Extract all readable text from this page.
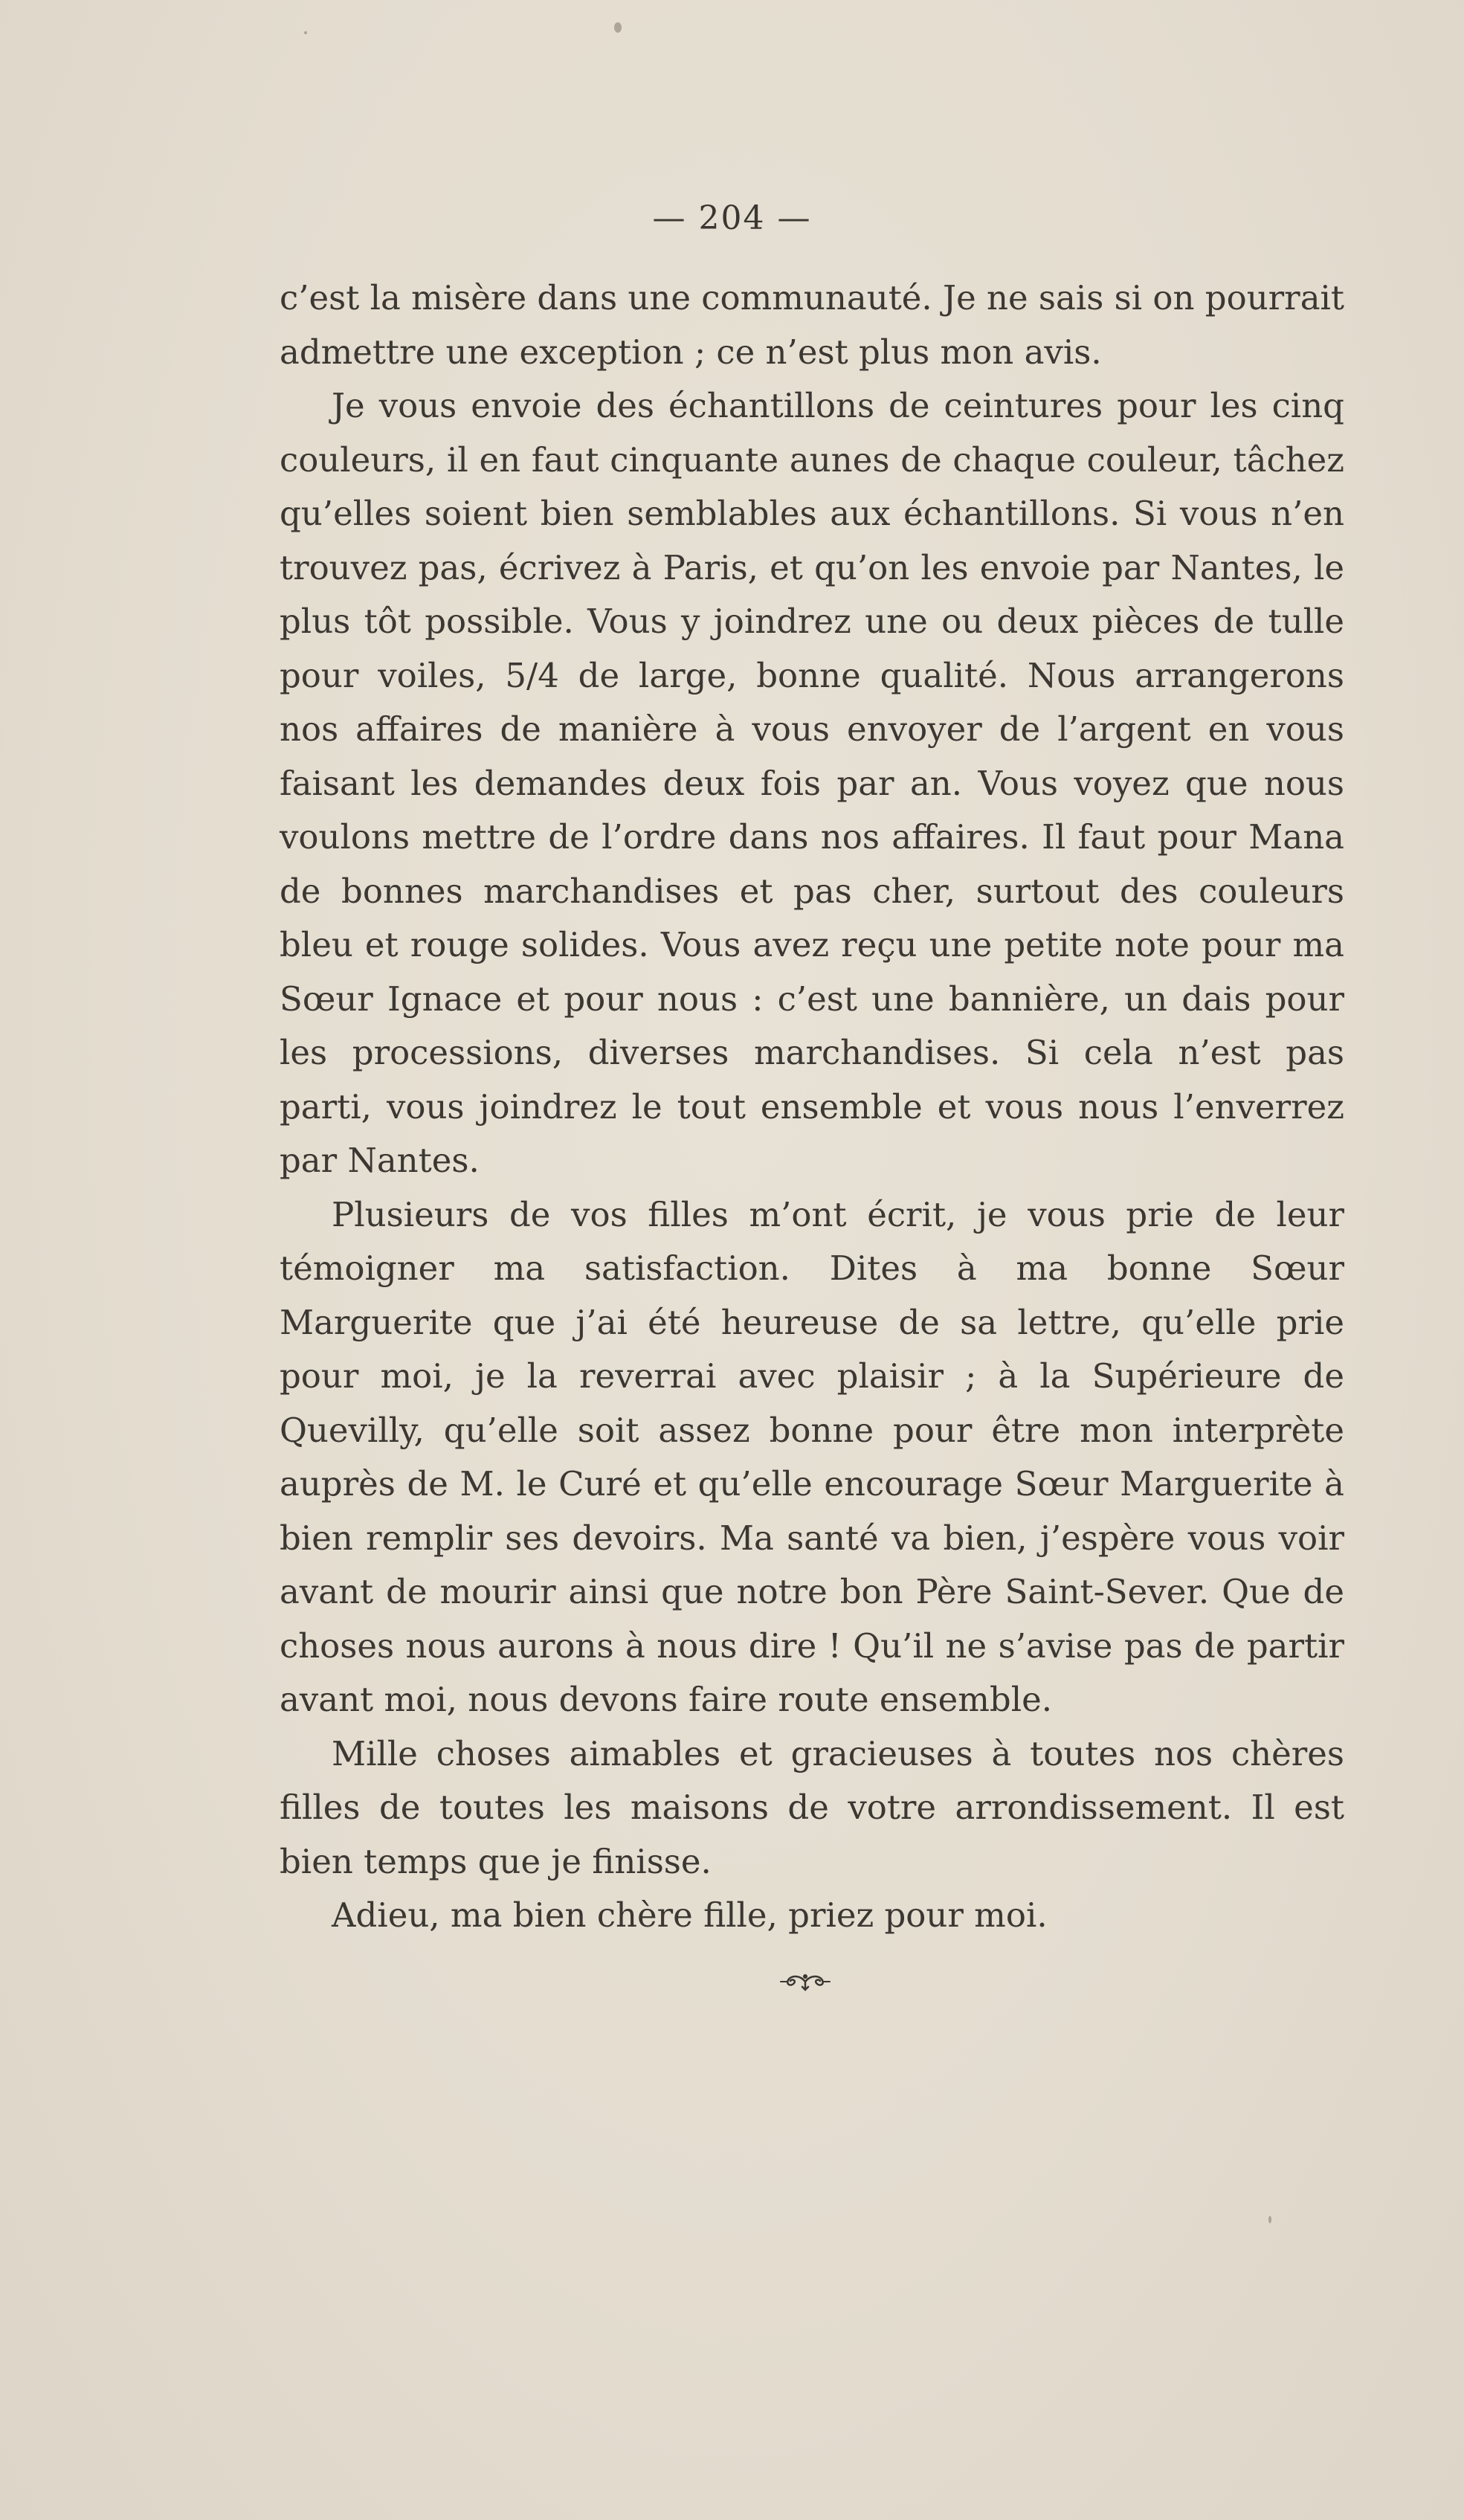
— 204 —

c’est la misère dans une communauté. Je ne sais si on pourrait admettre une exception ; ce n’est plus mon avis.

Je vous envoie des échantillons de ceintures pour les cinq couleurs, il en faut cinquante aunes de chaque couleur, tâchez qu’elles soient bien semblables aux échantillons. Si vous n’en trouvez pas, écrivez à Paris, et qu’on les envoie par Nantes, le plus tôt possible. Vous y joindrez une ou deux pièces de tulle pour voiles, 5/4 de large, bonne qualité. Nous arrangerons nos affaires de manière à vous envoyer de l’argent en vous faisant les demandes deux fois par an. Vous voyez que nous voulons mettre de l’ordre dans nos affaires. Il faut pour Mana de bonnes marchandises et pas cher, surtout des couleurs bleu et rouge solides. Vous avez reçu une petite note pour ma Sœur Ignace et pour nous : c’est une bannière, un dais pour les processions, diverses marchandises. Si cela n’est pas parti, vous joindrez le tout ensemble et vous nous l’enverrez par Nantes.

Plusieurs de vos filles m’ont écrit, je vous prie de leur témoigner ma satisfaction. Dites à ma bonne Sœur Marguerite que j’ai été heureuse de sa lettre, qu’elle prie pour moi, je la reverrai avec plaisir ; à la Supérieure de Quevilly, qu’elle soit assez bonne pour être mon interprète auprès de M. le Curé et qu’elle encourage Sœur Marguerite à bien remplir ses devoirs. Ma santé va bien, j’espère vous voir avant de mourir ainsi que notre bon Père Saint-Sever. Que de choses nous aurons à nous dire ! Qu’il ne s’avise pas de partir avant moi, nous devons faire route ensemble.

Mille choses aimables et gracieuses à toutes nos chères filles de toutes les maisons de votre arrondissement. Il est bien temps que je finisse.

Adieu, ma bien chère fille, priez pour moi.
